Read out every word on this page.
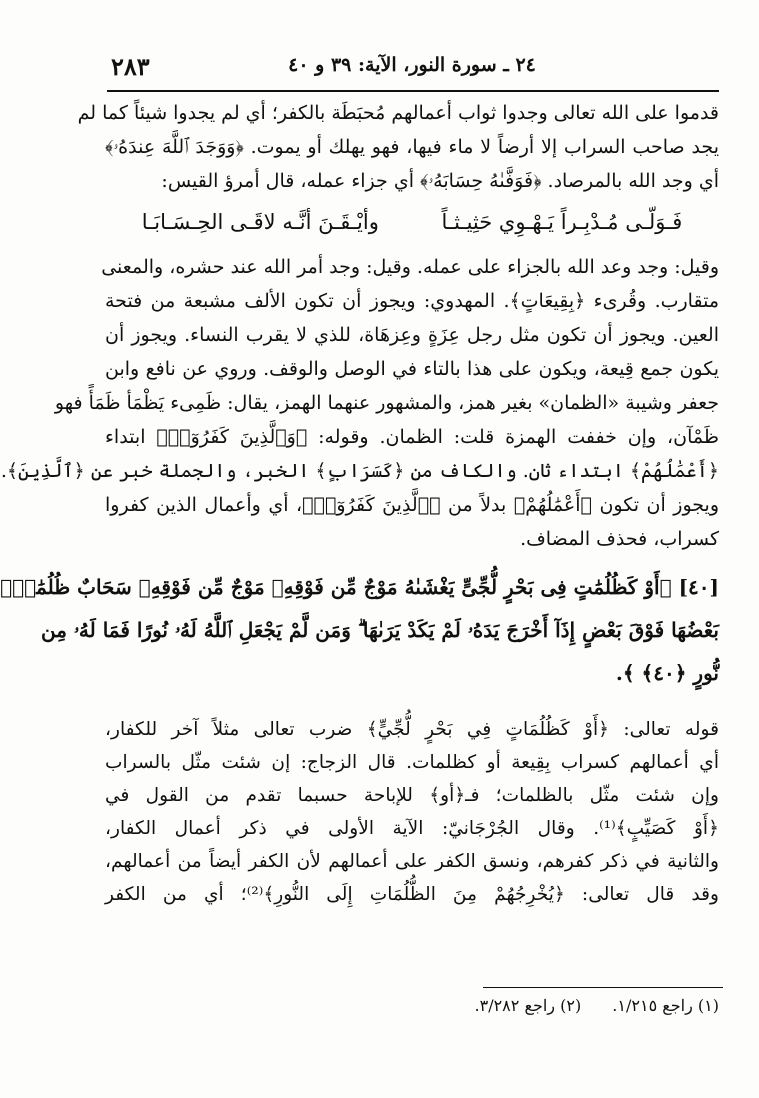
٢٨٣	٢٤ ـ سورة النور، الآية: ٣٩ و ٤٠

قدموا على الله تعالى وجدوا ثواب أعمالهم مُحبَطَة بالكفر؛ أي لم يجدوا شيئاً كما لم

يجد صاحب السراب إلا أرضاً لا ماء فيها، فهو يهلك أو يموت. ﴿وَوَجَدَ ٱللَّهَ عِندَهُۥ﴾

أي وجد الله بالمرصاد. ﴿فَوَفَّىٰهُ حِسَابَهُۥ﴾ أي جزاء عمله، قال أمرؤ القيس:

فَـوَلّـى مُـدْبِـراً يَـهْـوِي حَثِيـثـاً وأيْـقَـنَ أنَّـه لاقَـى الحِـسَـابَـا

وقيل: وجد وعد الله بالجزاء على عمله. وقيل: وجد أمر الله عند حشره، والمعنى

متقارب. وقُرىء ﴿بِقِيعَاتٍ﴾. المهدوي: ويجوز أن تكون الألف مشبعة من فتحة

العين. ويجوز أن تكون مثل رجل عِزَةٍ وعِزهَاة، للذي لا يقرب النساء. ويجوز أن

يكون جمع قِيعة، ويكون على هذا بالتاء في الوصل والوقف. وروي عن نافع وابن

جعفر وشيبة «الظمان» بغير همز، والمشهور عنهما الهمز، يقال: ظَمِىء يَظْمَأ ظَمَأً فهو

ظَمْآن، وإن خففت الهمزة قلت: الظمان. وقوله: ﴿وَٱلَّذِينَ كَفَرُوٓا۟﴾ ابتداء

﴿أَعْمَٰلُهُمْ﴾ ابتداء ثان. والكاف من ﴿كَسَرَابٍ﴾ الخبر، والجملة خبر عن ﴿ٱلَّذِينَ﴾.

ويجوز أن تكون ﴿أَعْمَٰلُهُمْ﴾ بدلاً من ﴿ٱلَّذِينَ كَفَرُوٓا۟﴾، أي وأعمال الذين كفروا

كسراب، فحذف المضاف.

[٤٠] ﴿أَوْ كَظُلُمَٰتٍ فِى بَحْرٍ لُّجِّىٍّ يَغْشَىٰهُ مَوْجٌ مِّن فَوْقِهِۦ مَوْجٌ مِّن فَوْقِهِۦ سَحَابٌ ظُلُمَٰتٌۢ

بَعْضُهَا فَوْقَ بَعْضٍ إِذَآ أَخْرَجَ يَدَهُۥ لَمْ يَكَدْ يَرَىٰهَا ۗ وَمَن لَّمْ يَجْعَلِ ٱللَّهُ لَهُۥ نُورًا فَمَا لَهُۥ مِن

نُّورٍ ﴿٤٠﴾ ﴾.

قوله تعالى: ﴿أَوْ كَظُلُمَاتٍ فِي بَحْرٍ لُّجِّيٍّ﴾ ضرب تعالى مثلاً آخر للكفار،

أي أعمالهم كسراب بِقِيعة أو كظلمات. قال الزجاج: إن شئت مثّل بالسراب

وإن شئت مثّل بالظلمات؛ فـ﴿أو﴾ للإباحة حسبما تقدم من القول في

﴿أَوْ كَصَيِّبٍ﴾⁽¹⁾. وقال الجُرْجَانيّ: الآية الأولى في ذكر أعمال الكفار،

والثانية في ذكر كفرهم، ونسق الكفر على أعمالهم لأن الكفر أيضاً من أعمالهم،

وقد قال تعالى: ﴿يُخْرِجُهُمْ مِنَ الظُّلُمَاتِ إِلَى النُّورِ﴾⁽²⁾؛ أي من الكفر

(١) راجع ١/٢١٥. (٢) راجع ٣/٢٨٢.
